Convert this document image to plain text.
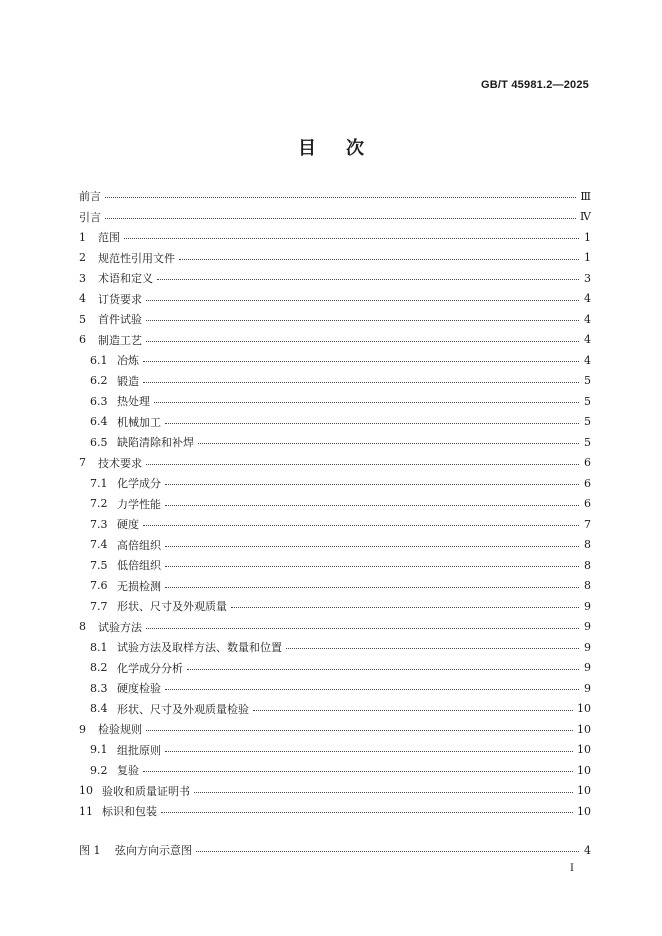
GB/T 45981.2—2025
目次
前言	Ⅲ
引言	Ⅳ
1	范围	1
2	规范性引用文件	1
3	术语和定义	3
4	订货要求	4
5	首件试验	4
6	制造工艺	4
6.1 冶炼	4
6.2 锻造	5
6.3 热处理	5
6.4 机械加工	5
6.5 缺陷清除和补焊	5
7	技术要求	6
7.1 化学成分	6
7.2 力学性能	6
7.3 硬度	7
7.4 高倍组织	8
7.5 低倍组织	8
7.6 无损检测	8
7.7 形状、尺寸及外观质量	9
8	试验方法	9
8.1 试验方法及取样方法、数量和位置	9
8.2 化学成分分析	9
8.3 硬度检验	9
8.4 形状、尺寸及外观质量检验	10
9	检验规则	10
9.1 组批原则	10
9.2 复验	10
10 验收和质量证明书	10
11 标识和包装	10
图 1	弦向方向示意图	4
Ⅰ
